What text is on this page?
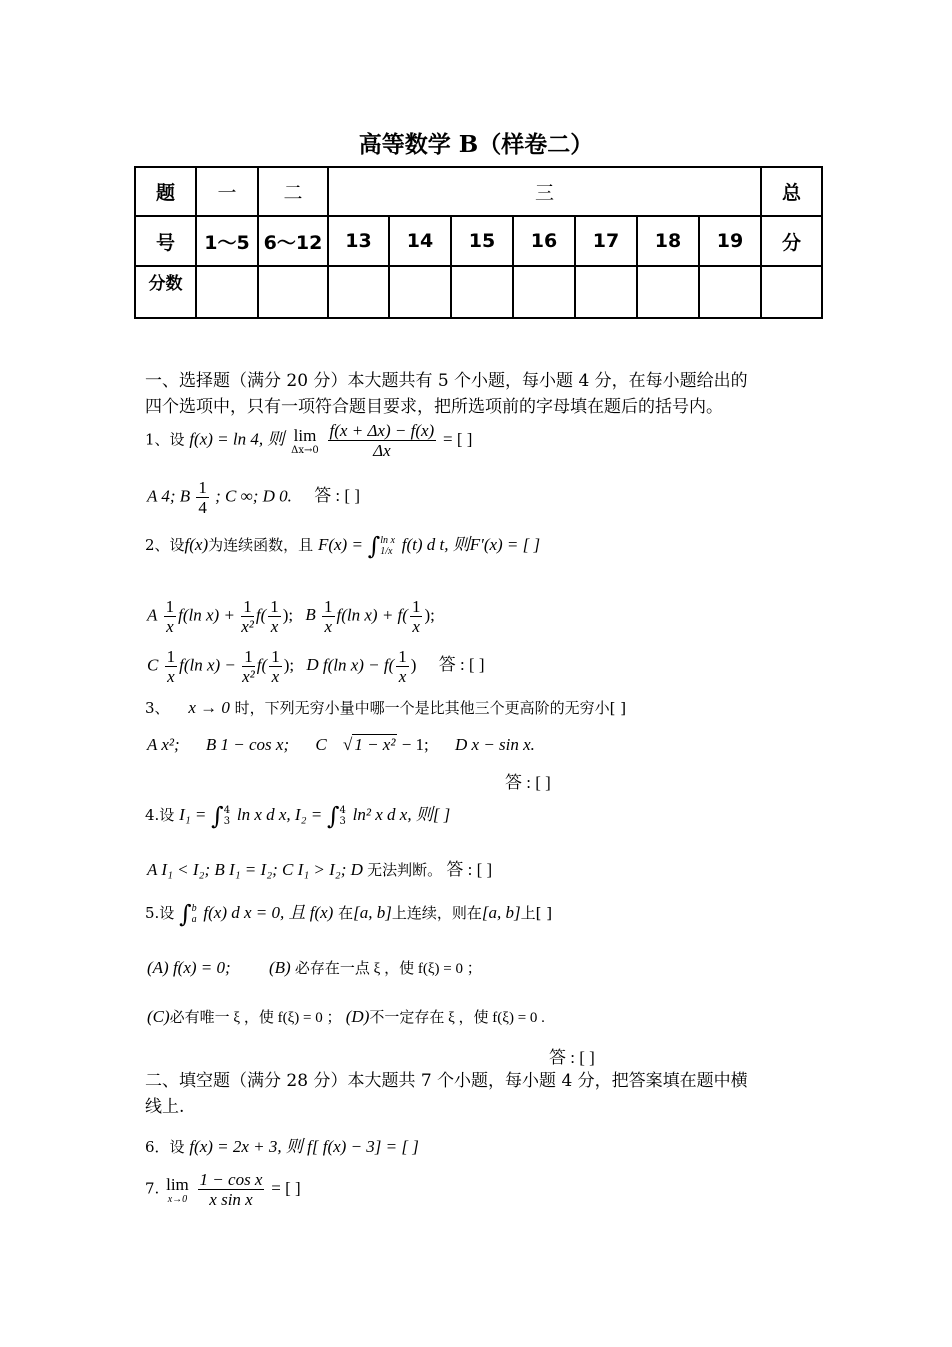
高等数学 B（样卷二）
题	一	二	三							总
号	1～5	6～12	13	14	15	16	17	18	19	分
分数										
一、选择题（满分 20 分）本大题共有 5 个小题，每小题 4 分，在每小题给出的
四个选项中，只有一项符合题目要求，把所选项前的字母填在题后的括号内。
1、设 f(x) = ln 4, 则 lim
Δx→0
$\frac{f(x + \Delta x) - f(x)}{\Delta x}$ = [ ]
A 4; B $\frac{1}{4}$ ; C ∞; D 0. 答 : [ ]
2、设f(x)为连续函数，且 F(x) = ∫ ln x
1/x f(t) d t, 则F′(x) = [ ]
A $\frac{1}{x} f(\ln$ $x) + \frac{1}{\text{x²}} f( \frac{1}{x}$ ); B $\frac{1}{x} f(\ln$ $x) + f( \frac{1}{x}$ );
C $\frac{1}{x} f(\ln$ $x) - \frac{1}{\text{x²}} f( \frac{1}{x}$ ); D f(ln $x) - f( \frac{1}{x}$ ) 答 : [ ]
3、 x → 0 时，下列无穷小量中哪一个是比其他三个更高阶的无穷小[ ]
A x²; B 1 − cos x; C √ 1 − x² − 1; D x − sin x.
答 : [ ]
4.设 I₁ = ∫ 4
3 ln x d x, I₂ = ∫ 4
3 ln² x d x, 则[ ]
A I₁ < I₂; B I₁ = I₂; C I₁ > I₂; D 无法判断。 答 : [ ]
5.设 ∫ b
a f(x) d x = 0, 且 f(x) 在[a, b]上连续，则在[a, b]上[ ]
(A) f(x) = 0; (B) 必存在一点 ξ ，使 f(ξ) = 0 ；
(C)必有唯一 ξ ，使 f(ξ) = 0 ； (D)不一定存在 ξ ，使 f(ξ) = 0 .
答 : [ ]
二、填空题（满分 28 分）本大题共 7 个小题，每小题 4 分，把答案填在题中横
线上.
6．设 f(x) = 2x + 3, 则 f[ f(x) − 3] = [ ]
7. lim
x→0
$\frac{\text{1 − cos x}}{\text{x sin x}}$ = [ ]
